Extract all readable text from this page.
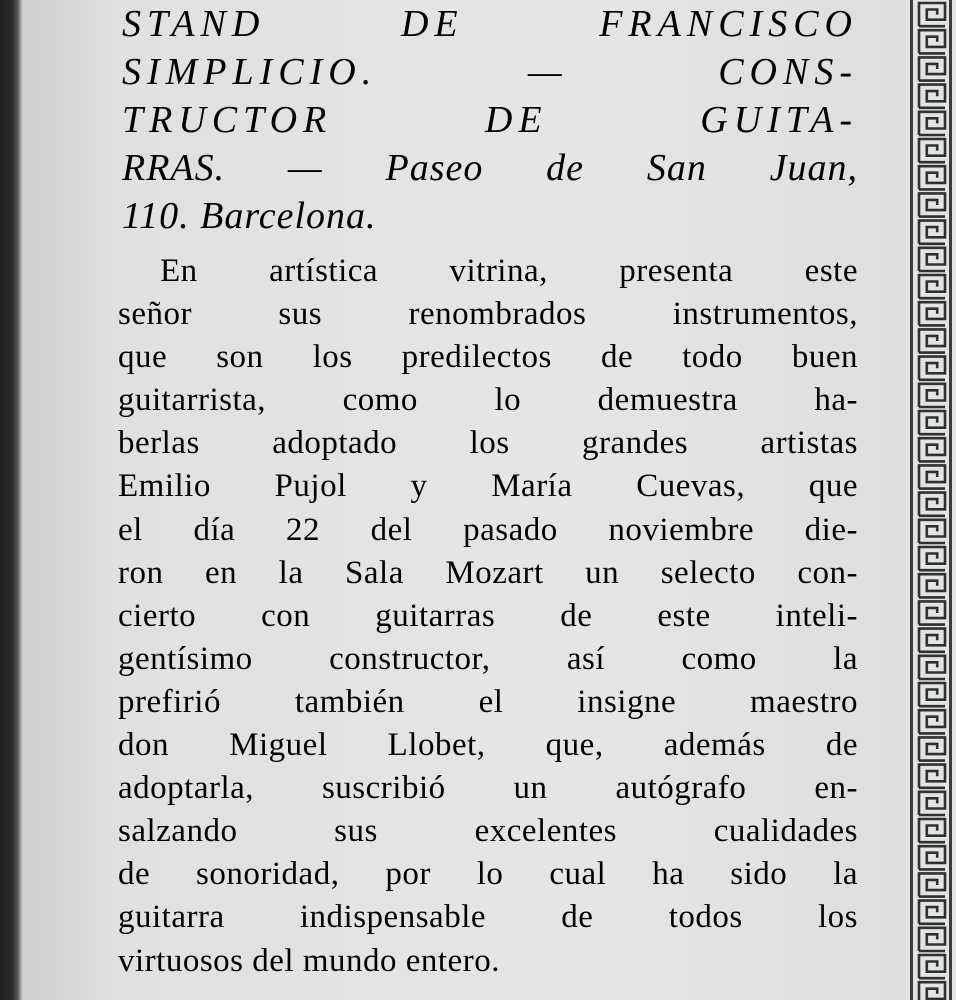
STAND DE FRANCISCO
SIMPLICIO. — CONS-
TRUCTOR DE GUITA-
RRAS. — Paseo de San Juan,
110. Barcelona.
En artística vitrina, presenta este
señor sus renombrados instrumentos,
que son los predilectos de todo buen
guitarrista, como lo demuestra ha-
berlas adoptado los grandes artistas
Emilio Pujol y María Cuevas, que
el día 22 del pasado noviembre die-
ron en la Sala Mozart un selecto con-
cierto con guitarras de este inteli-
gentísimo constructor, así como la
prefirió también el insigne maestro
don Miguel Llobet, que, además de
adoptarla, suscribió un autógrafo en-
salzando sus excelentes cualidades
de sonoridad, por lo cual ha sido la
guitarra indispensable de todos los
virtuosos del mundo entero.
